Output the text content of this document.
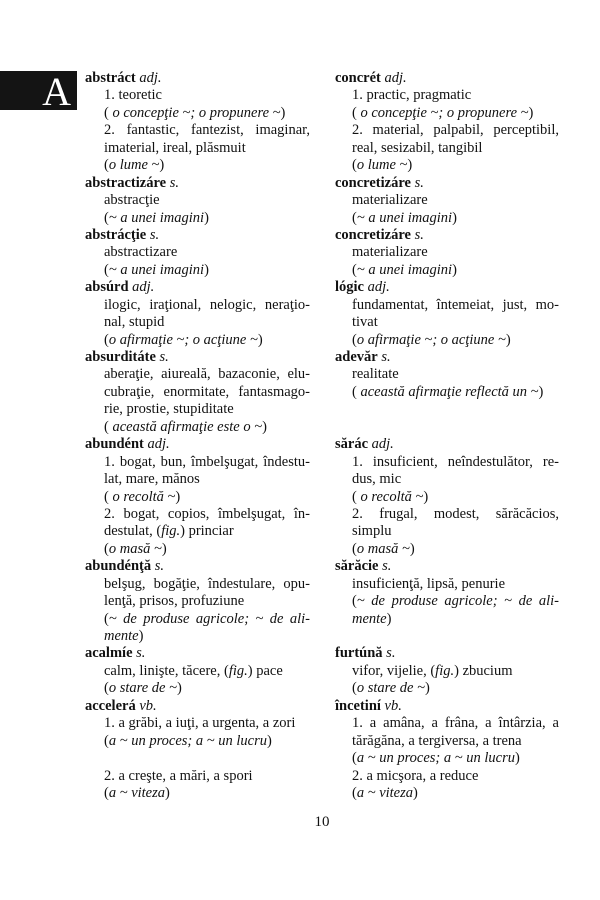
A abstráct adj.	concrét adj.
1. teoretic
( o concepţie ~; o propunere ~)
1. practic, pragmatic
( o concepţie ~; o propunere ~)
2. fantastic, fantezist, imaginar,
imaterial, ireal, plăsmuit
(o lume ~)
2. material, palpabil, perceptibil,
real, sesizabil, tangibil
(o lume ~)
abstractizáre s.	concretizáre s.
abstracţie
(~ a unei imagini)
materializare
(~ a unei imagini)
abstrácţie s.	concretizáre s.
abstractizare
(~ a unei imagini)
materializare
(~ a unei imagini)
absúrd adj.	lógic adj.
ilogic, iraţional, nelogic, neraţio-
nal, stupid
(o afirmaţie ~; o acţiune ~)
fundamentat, întemeiat, just, mo-
tivat
(o afirmaţie ~; o acţiune ~)
absurditáte s.	adevăr s.
aberaţie, aiureală, bazaconie, elu-
cubraţie, enormitate, fantasmago-
rie, prostie, stupiditate
( această afirmaţie este o ~)
realitate
( această afirmaţie reflectă un ~)
abundént adj.	sărác adj.
1. bogat, bun, îmbelşugat, îndestu-
lat, mare, mănos
( o recoltă ~)
1. insuficient, neîndestulător, re-
dus, mic
( o recoltă ~)
2. bogat, copios, îmbelşugat, în-
destulat, (fig.) princiar
(o masă ~)
2. frugal, modest, sărăcăcios,
simplu
(o masă ~)
abundénţă s.	sărăcie s.
belşug, bogăţie, îndestulare, opu-
lenţă, prisos, profuziune
(~ de produse agricole; ~ de ali-
mente)
insuficienţă, lipsă, penurie
(~ de produse agricole; ~ de ali-
mente)
acalmíe s.	furtúnă s.
calm, linişte, tăcere, (fig.) pace
(o stare de ~)
vifor, vijelie, (fig.) zbucium
(o stare de ~)
accelerá vb.	încetiní vb.
1. a grăbi, a iuţi, a urgenta, a zori
(a ~ un proces; a ~ un lucru)
1. a amâna, a frâna, a întârzia, a
tărăgăna, a tergiversa, a trena
(a ~ un proces; a ~ un lucru)
2. a creşte, a mări, a spori
(a ~ viteza)
2. a micşora, a reduce
(a ~ viteza)
10
